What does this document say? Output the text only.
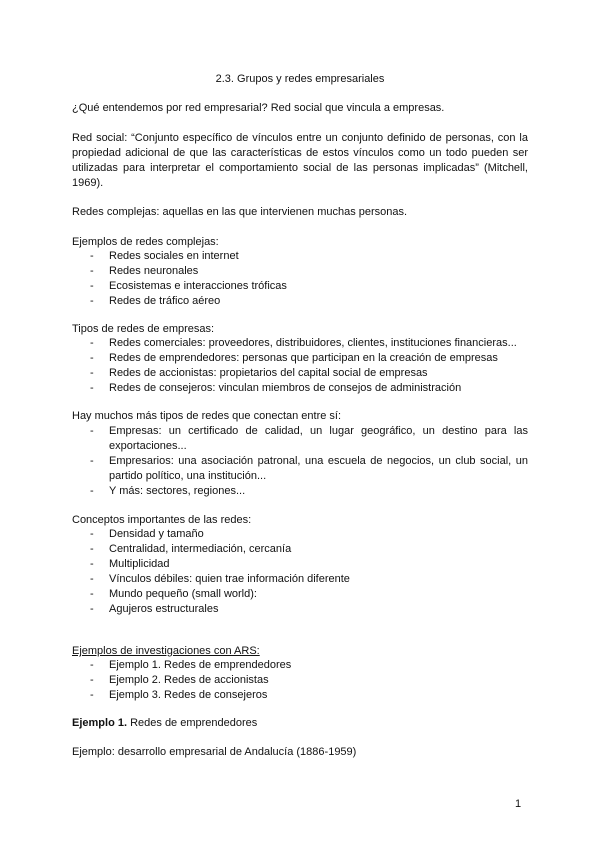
2.3. Grupos y redes empresariales
¿Qué entendemos por red empresarial? Red social que vincula a empresas.
Red social: “Conjunto específico de vínculos entre un conjunto definido de personas, con la propiedad adicional de que las características de estos vínculos como un todo pueden ser utilizadas para interpretar el comportamiento social de las personas implicadas” (Mitchell, 1969).
Redes complejas: aquellas en las que intervienen muchas personas.
Ejemplos de redes complejas:
- Redes sociales en internet
- Redes neuronales
- Ecosistemas e interacciones tróficas
- Redes de tráfico aéreo
Tipos de redes de empresas:
- Redes comerciales: proveedores, distribuidores, clientes, instituciones financieras...
- Redes de emprendedores: personas que participan en la creación de empresas
- Redes de accionistas: propietarios del capital social de empresas
- Redes de consejeros: vinculan miembros de consejos de administración
Hay muchos más tipos de redes que conectan entre sí:
- Empresas: un certificado de calidad, un lugar geográfico, un destino para las exportaciones...
- Empresarios: una asociación patronal, una escuela de negocios, un club social, un partido político, una institución...
- Y más: sectores, regiones...
Conceptos importantes de las redes:
- Densidad y tamaño
- Centralidad, intermediación, cercanía
- Multiplicidad
- Vínculos débiles: quien trae información diferente
- Mundo pequeño (small world):
- Agujeros estructurales
Ejemplos de investigaciones con ARS:
- Ejemplo 1. Redes de emprendedores
- Ejemplo 2. Redes de accionistas
- Ejemplo 3. Redes de consejeros
Ejemplo 1. Redes de emprendedores
Ejemplo: desarrollo empresarial de Andalucía (1886-1959)
1
